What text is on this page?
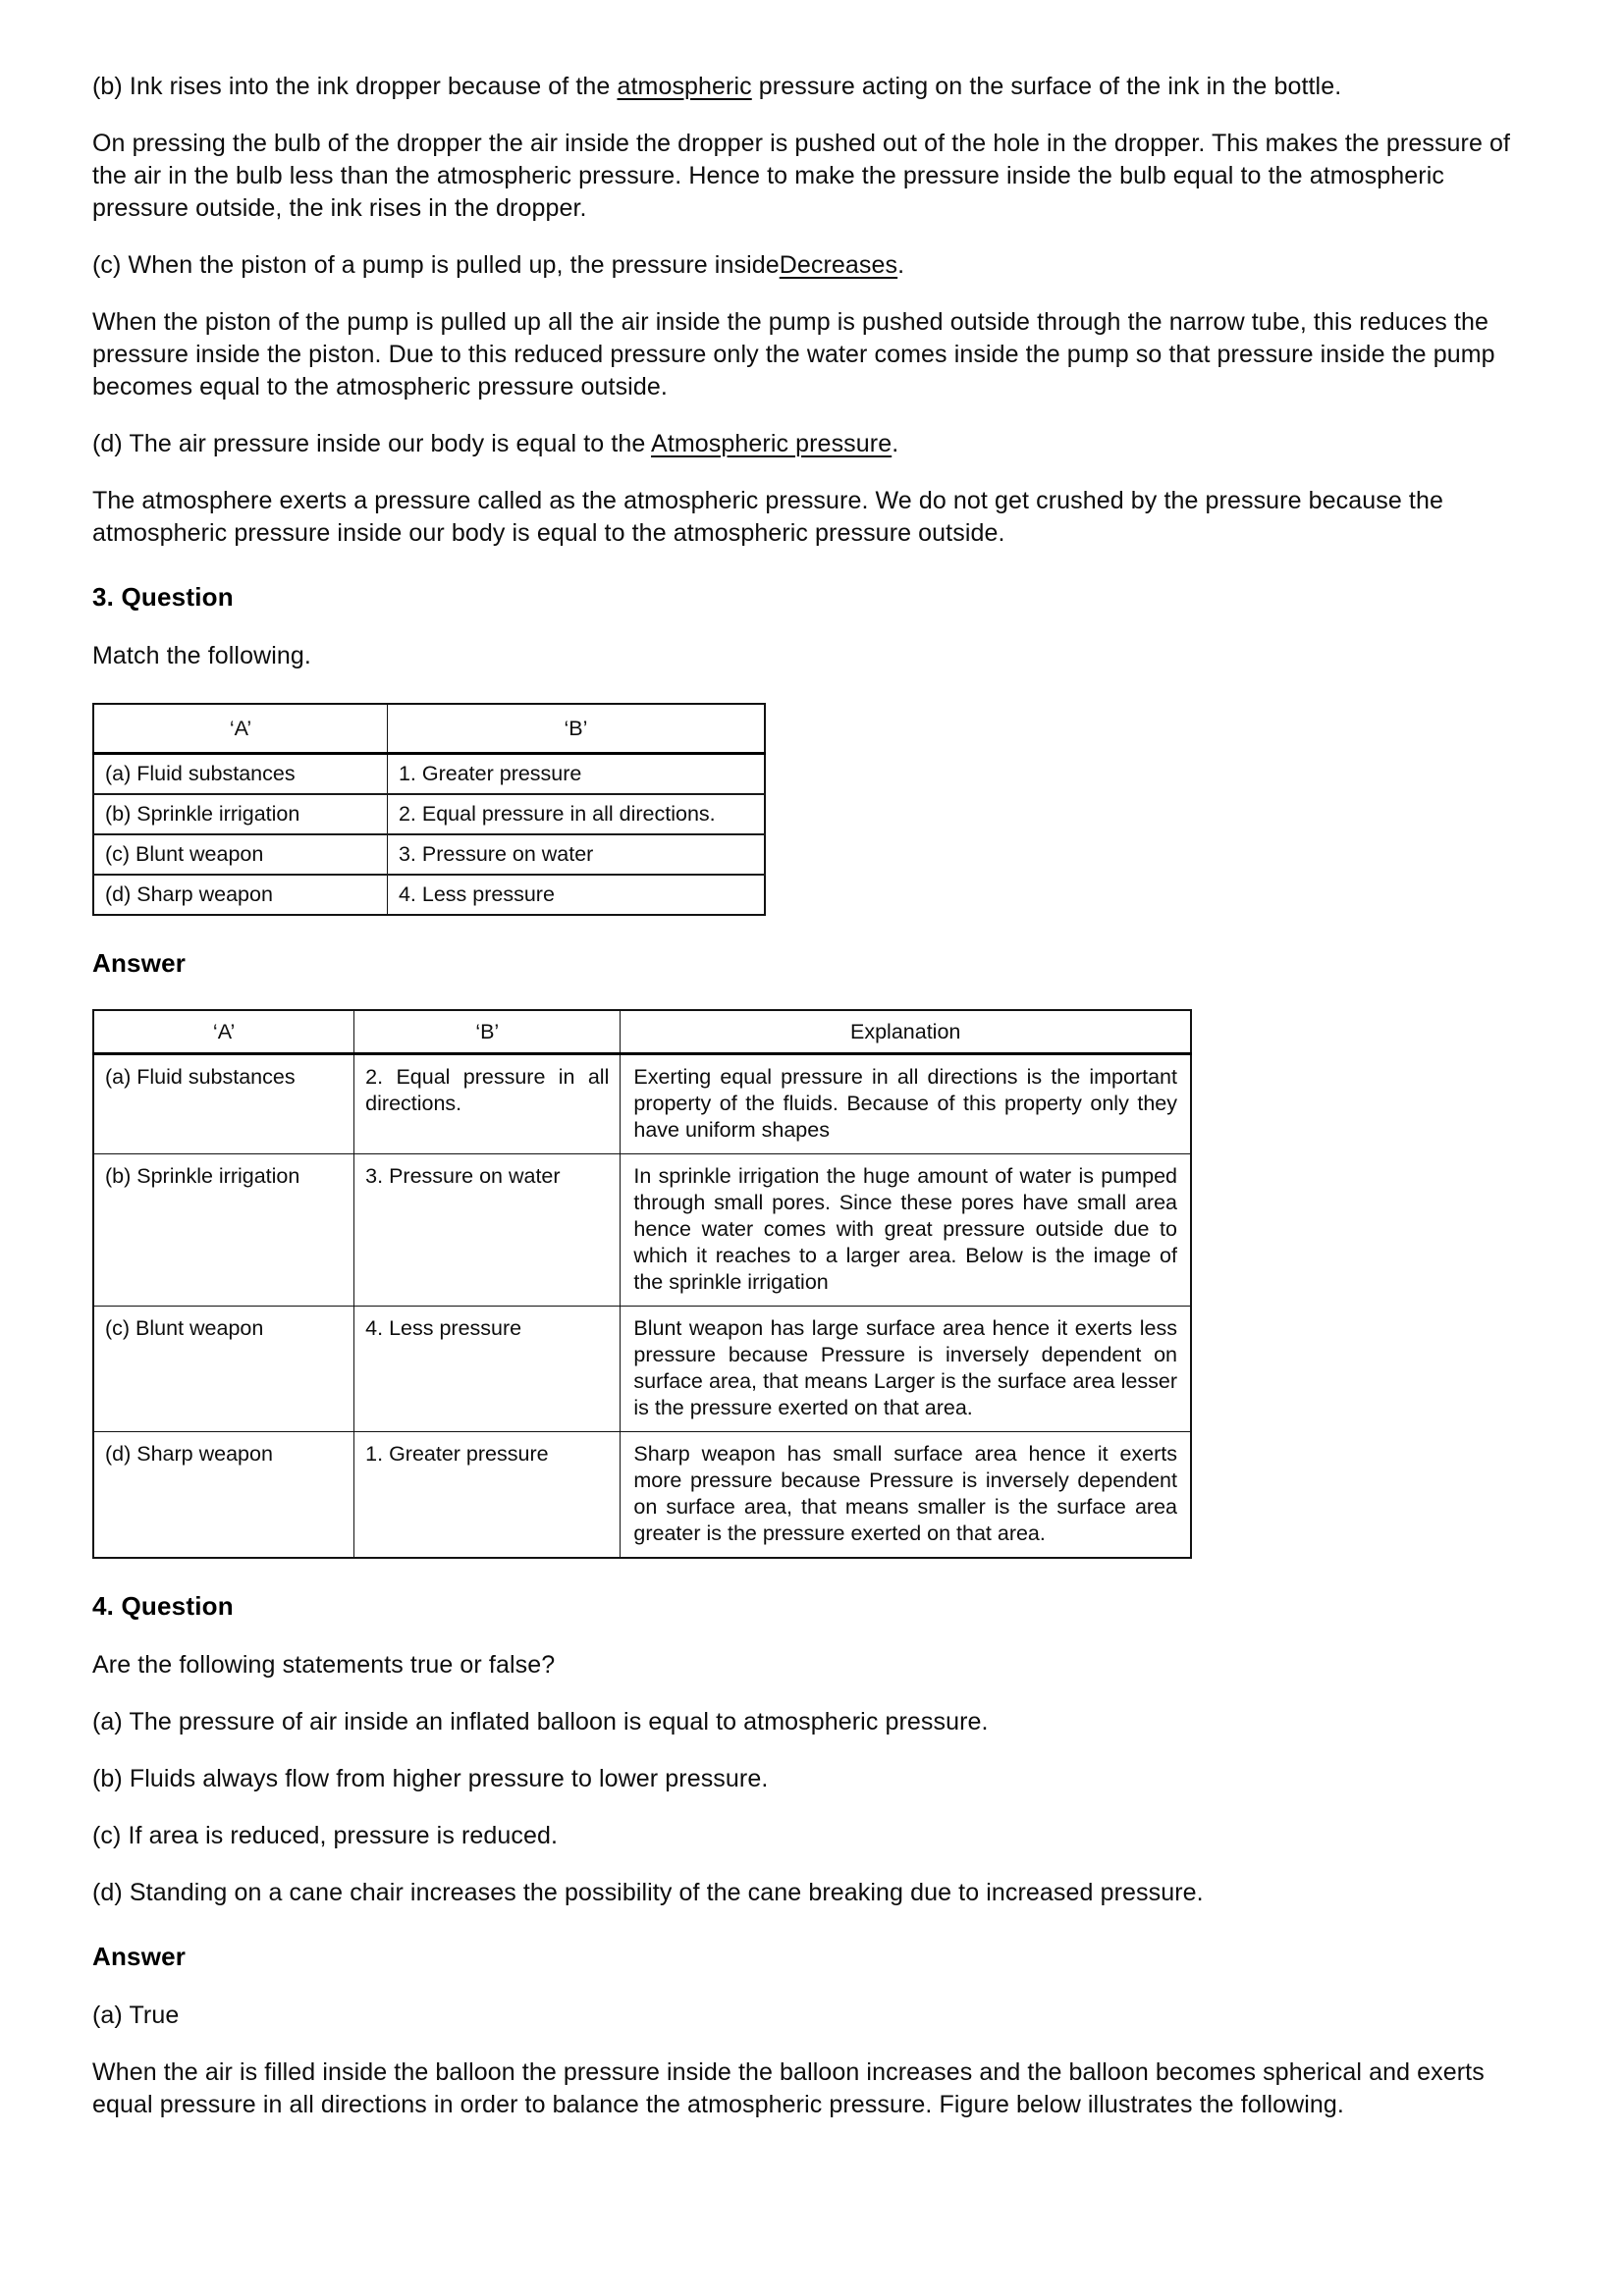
(b) Ink rises into the ink dropper because of the atmospheric pressure acting on the surface of the ink in the bottle.

On pressing the bulb of the dropper the air inside the dropper is pushed out of the hole in the dropper. This makes the pressure of the air in the bulb less than the atmospheric pressure. Hence to make the pressure inside the bulb equal to the atmospheric pressure outside, the ink rises in the dropper.

(c) When the piston of a pump is pulled up, the pressure insideDecreases.

When the piston of the pump is pulled up all the air inside the pump is pushed outside through the narrow tube, this reduces the pressure inside the piston. Due to this reduced pressure only the water comes inside the pump so that pressure inside the pump becomes equal to the atmospheric pressure outside.

(d) The air pressure inside our body is equal to the Atmospheric pressure.

The atmosphere exerts a pressure called as the atmospheric pressure. We do not get crushed by the pressure because the atmospheric pressure inside our body is equal to the atmospheric pressure outside.

3. Question

Match the following.

‘A’	‘B’
(a) Fluid substances	1. Greater pressure
(b) Sprinkle irrigation	2. Equal pressure in all directions.
(c) Blunt weapon	3. Pressure on water
(d) Sharp weapon	4. Less pressure
Answer
‘A’	‘B’	Explanation
(a) Fluid substances	2. Equal pressure in all directions.	Exerting equal pressure in all directions is the important property of the fluids. Because of this property only they have uniform shapes
(b) Sprinkle irrigation	3. Pressure on water	In sprinkle irrigation the huge amount of water is pumped through small pores. Since these pores have small area hence water comes with great pressure outside due to which it reaches to a larger area. Below is the image of the sprinkle irrigation
(c) Blunt weapon	4. Less pressure	Blunt weapon has large surface area hence it exerts less pressure because Pressure is inversely dependent on surface area, that means Larger is the surface area lesser is the pressure exerted on that area.
(d) Sharp weapon	1. Greater pressure	Sharp weapon has small surface area hence it exerts more pressure because Pressure is inversely dependent on surface area, that means smaller is the surface area greater is the pressure exerted on that area.
4. Question

Are the following statements true or false?

(a) The pressure of air inside an inflated balloon is equal to atmospheric pressure.

(b) Fluids always flow from higher pressure to lower pressure.

(c) If area is reduced, pressure is reduced.

(d) Standing on a cane chair increases the possibility of the cane breaking due to increased pressure.

Answer

(a) True

When the air is filled inside the balloon the pressure inside the balloon increases and the balloon becomes spherical and exerts equal pressure in all directions in order to balance the atmospheric pressure. Figure below illustrates the following.
